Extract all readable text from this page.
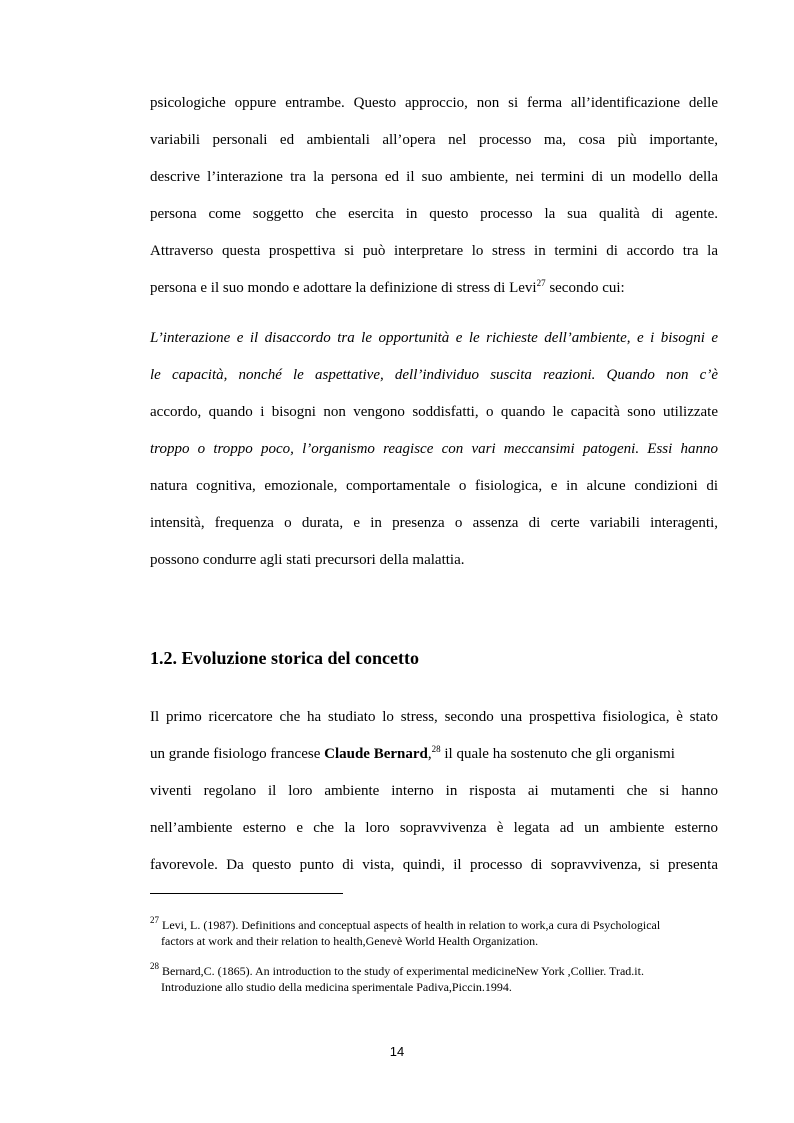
psicologiche oppure entrambe. Questo approccio, non si ferma all’identificazione delle
variabili personali ed ambientali all’opera nel processo ma, cosa più importante,
descrive l’interazione tra la persona ed il suo ambiente, nei termini di un modello della
persona come soggetto che esercita in questo processo la sua qualità di agente.
Attraverso questa prospettiva si può interpretare lo stress in termini di accordo tra la
persona e il suo mondo e adottare la definizione di stress di Levi$^{27}$ secondo cui:
L’interazione e il disaccordo tra le opportunità e le richieste dell’ambiente, e i bisogni e
le capacità, nonché le aspettative, dell’individuo suscita reazioni. Quando non c’è
accordo, quando i bisogni non vengono soddisfatti, o quando le capacità sono utilizzate
troppo o troppo poco, l’organismo reagisce con vari meccansimi patogeni. Essi hanno
natura cognitiva, emozionale, comportamentale o fisiologica, e in alcune condizioni di
intensità, frequenza o durata, e in presenza o assenza di certe variabili interagenti,
possono condurre agli stati precursori della malattia.
1.2. Evoluzione storica del concetto
Il primo ricercatore che ha studiato lo stress, secondo una prospettiva fisiologica, è stato
un grande fisiologo francese Claude Bernard,$^{28}$ il quale ha sostenuto che gli organismi
viventi regolano il loro ambiente interno in risposta ai mutamenti che si hanno
nell’ambiente esterno e che la loro sopravvivenza è legata ad un ambiente esterno
favorevole. Da questo punto di vista, quindi, il processo di sopravvivenza, si presenta
$^{27}$ Levi, L. (1987). Definitions and conceptual aspects of health in relation to work,a cura di Psychological
factors at work and their relation to health,Genevè World Health Organization.
$^{28}$ Bernard,C. (1865). An introduction to the study of experimental medicineNew York ,Collier. Trad.it.
Introduzione allo studio della medicina sperimentale Padiva,Piccin.1994.
14
